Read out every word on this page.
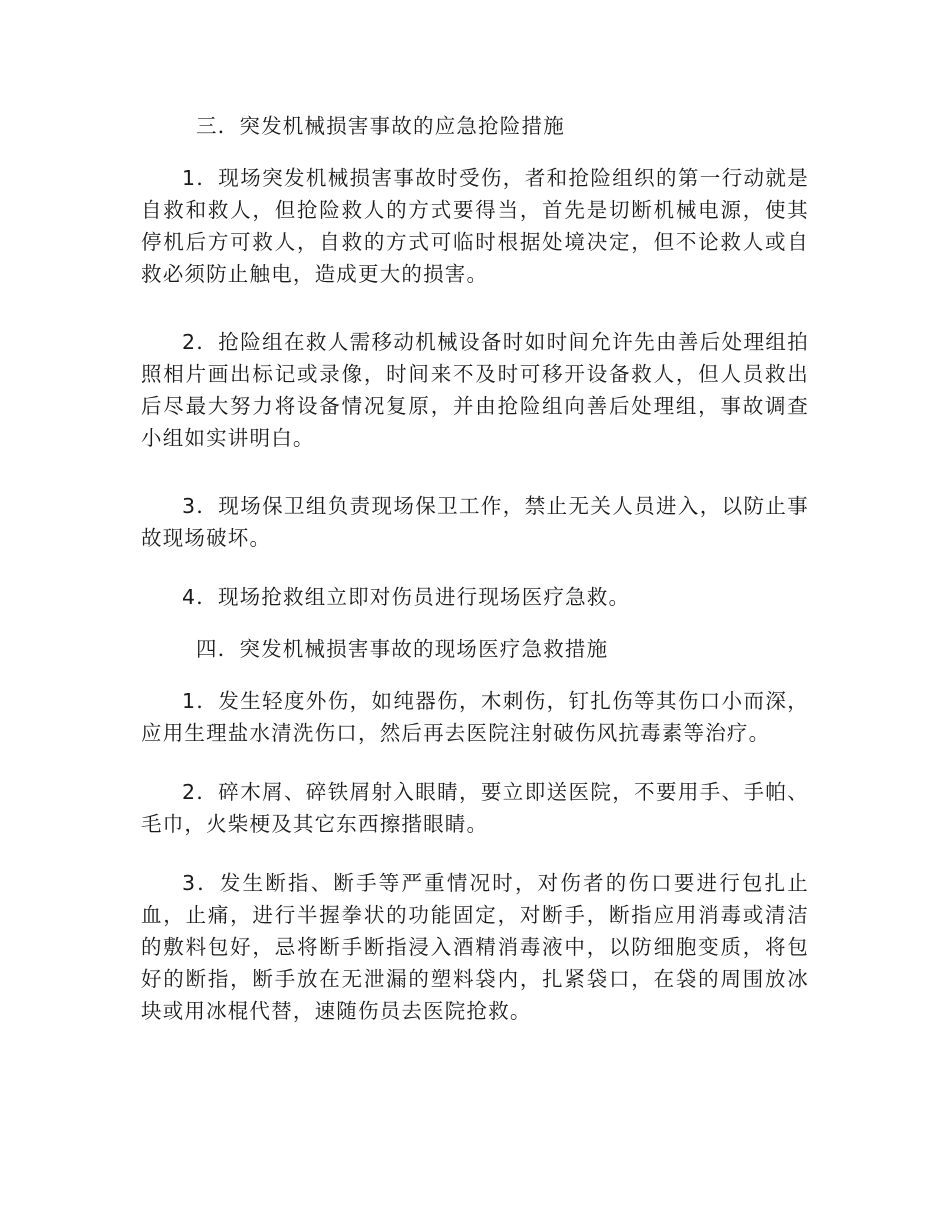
三．突发机械损害事故的应急抢险措施
1．现场突发机械损害事故时受伤，者和抢险组织的第一行动就是自救和救人，但抢险救人的方式要得当，首先是切断机械电源，使其停机后方可救人，自救的方式可临时根据处境决定，但不论救人或自救必须防止触电，造成更大的损害。
2．抢险组在救人需移动机械设备时如时间允许先由善后处理组拍照相片画出标记或录像，时间来不及时可移开设备救人，但人员救出后尽最大努力将设备情况复原，并由抢险组向善后处理组，事故调查小组如实讲明白。
3．现场保卫组负责现场保卫工作，禁止无关人员进入，以防止事故现场破坏。
4．现场抢救组立即对伤员进行现场医疗急救。
四．突发机械损害事故的现场医疗急救措施
1．发生轻度外伤，如纯器伤，木刺伤，钉扎伤等其伤口小而深，应用生理盐水清洗伤口，然后再去医院注射破伤风抗毒素等治疗。
2．碎木屑、碎铁屑射入眼睛，要立即送医院，不要用手、手帕、毛巾，火柴梗及其它东西擦揩眼睛。
3．发生断指、断手等严重情况时，对伤者的伤口要进行包扎止血，止痛，进行半握拳状的功能固定，对断手，断指应用消毒或清洁的敷料包好，忌将断手断指浸入酒精消毒液中，以防细胞变质，将包好的断指，断手放在无泄漏的塑料袋内，扎紧袋口，在袋的周围放冰块或用冰棍代替，速随伤员去医院抢救。
